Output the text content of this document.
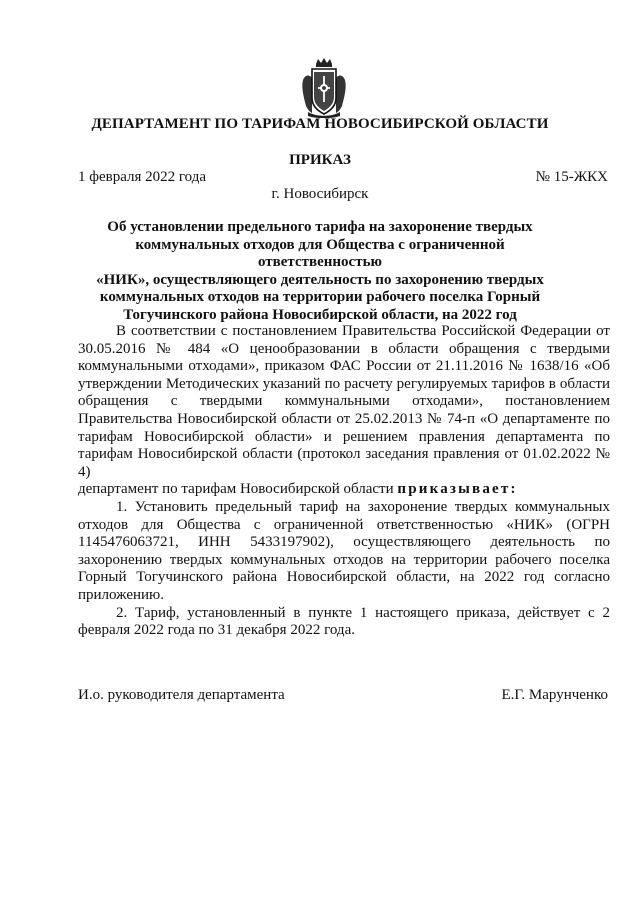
ДЕПАРТАМЕНТ ПО ТАРИФАМ НОВОСИБИРСКОЙ ОБЛАСТИ
ПРИКАЗ
1 февраля 2022 года	№ 15-ЖКХ
г. Новосибирск
Об установлении предельного тарифа на захоронение твердых
коммунальных отходов для Общества с ограниченной ответственностью
«НИК», осуществляющего деятельность по захоронению твердых
коммунальных отходов на территории рабочего поселка Горный
Тогучинского района Новосибирской области, на 2022 год

В соответствии с постановлением Правительства Российской Федерации от 30.05.2016 № 484 «О ценообразовании в области обращения с твердыми коммунальными отходами», приказом ФАС России от 21.11.2016 № 1638/16 «Об утверждении Методических указаний по расчету регулируемых тарифов в области обращения с твердыми коммунальными отходами», постановлением Правительства Новосибирской области от 25.02.2013 № 74-п «О департаменте по тарифам Новосибирской области» и решением правления департамента по тарифам Новосибирской области (протокол заседания правления от 01.02.2022 № 4)

департамент по тарифам Новосибирской области приказывает:

1. Установить предельный тариф на захоронение твердых коммунальных отходов для Общества с ограниченной ответственностью «НИК» (ОГРН 1145476063721, ИНН 5433197902), осуществляющего деятельность по захоронению твердых коммунальных отходов на территории рабочего поселка Горный Тогучинского района Новосибирской области, на 2022 год согласно приложению.

2. Тариф, установленный в пункте 1 настоящего приказа, действует с 2 февраля 2022 года по 31 декабря 2022 года.

И.о. руководителя департамента	Е.Г. Марунченко
